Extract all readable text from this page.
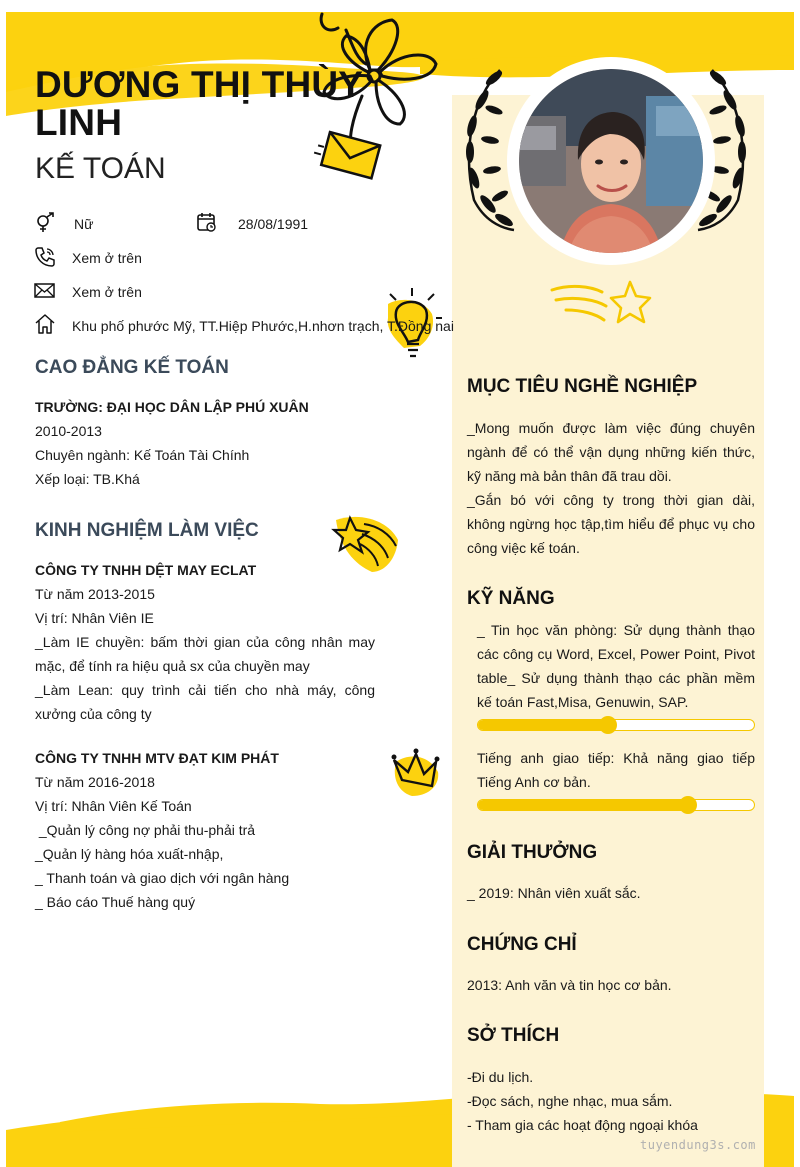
DƯƠNG THỊ THÙY LINH
KẾ TOÁN
Nữ	28/08/1991
Xem ở trên
Xem ở trên
Khu phố phước Mỹ, TT.Hiệp Phước,H.nhơn trạch, T.Đồng nai
CAO ĐẲNG KẾ TOÁN
TRƯỜNG: ĐẠI HỌC DÂN LẬP PHÚ XUÂN
2010-2013
Chuyên ngành: Kế Toán Tài Chính
Xếp loại: TB.Khá
KINH NGHIỆM LÀM VIỆC
CÔNG TY TNHH DỆT MAY ECLAT
Từ năm 2013-2015
Vị trí: Nhân Viên IE
_Làm IE chuyền: bấm thời gian của công nhân may mặc, để tính ra hiệu quả sx của chuyền may
_Làm Lean: quy trình cải tiến cho nhà máy, công xưởng của công ty
CÔNG TY TNHH MTV ĐẠT KIM PHÁT
Từ năm 2016-2018
Vị trí: Nhân Viên Kế Toán
_Quản lý công nợ phải thu-phải trả
_Quản lý hàng hóa xuất-nhập,
_ Thanh toán và giao dịch với ngân hàng
_ Báo cáo Thuế hàng quý
MỤC TIÊU NGHỀ NGHIỆP
_Mong muốn được làm việc đúng chuyên ngành để có thể vận dụng những kiến thức, kỹ năng mà bản thân đã trau dồi.
_Gắn bó với công ty trong thời gian dài, không ngừng học tập,tìm hiểu để phục vụ cho công việc kế toán.
KỸ NĂNG
_ Tin học văn phòng: Sử dụng thành thạo các công cụ Word, Excel, Power Point, Pivot table_ Sử dụng thành thạo các phần mềm kế toán Fast,Misa, Genuwin, SAP.
Tiếng anh giao tiếp: Khả năng giao tiếp Tiếng Anh cơ bản.
GIẢI THƯỞNG
_ 2019: Nhân viên xuất sắc.
CHỨNG CHỈ
2013: Anh văn và tin học cơ bản.
SỞ THÍCH
-Đi du lịch.
-Đọc sách, nghe nhạc, mua sắm.
- Tham gia các hoạt động ngoại khóa
tuyendung3s.com
